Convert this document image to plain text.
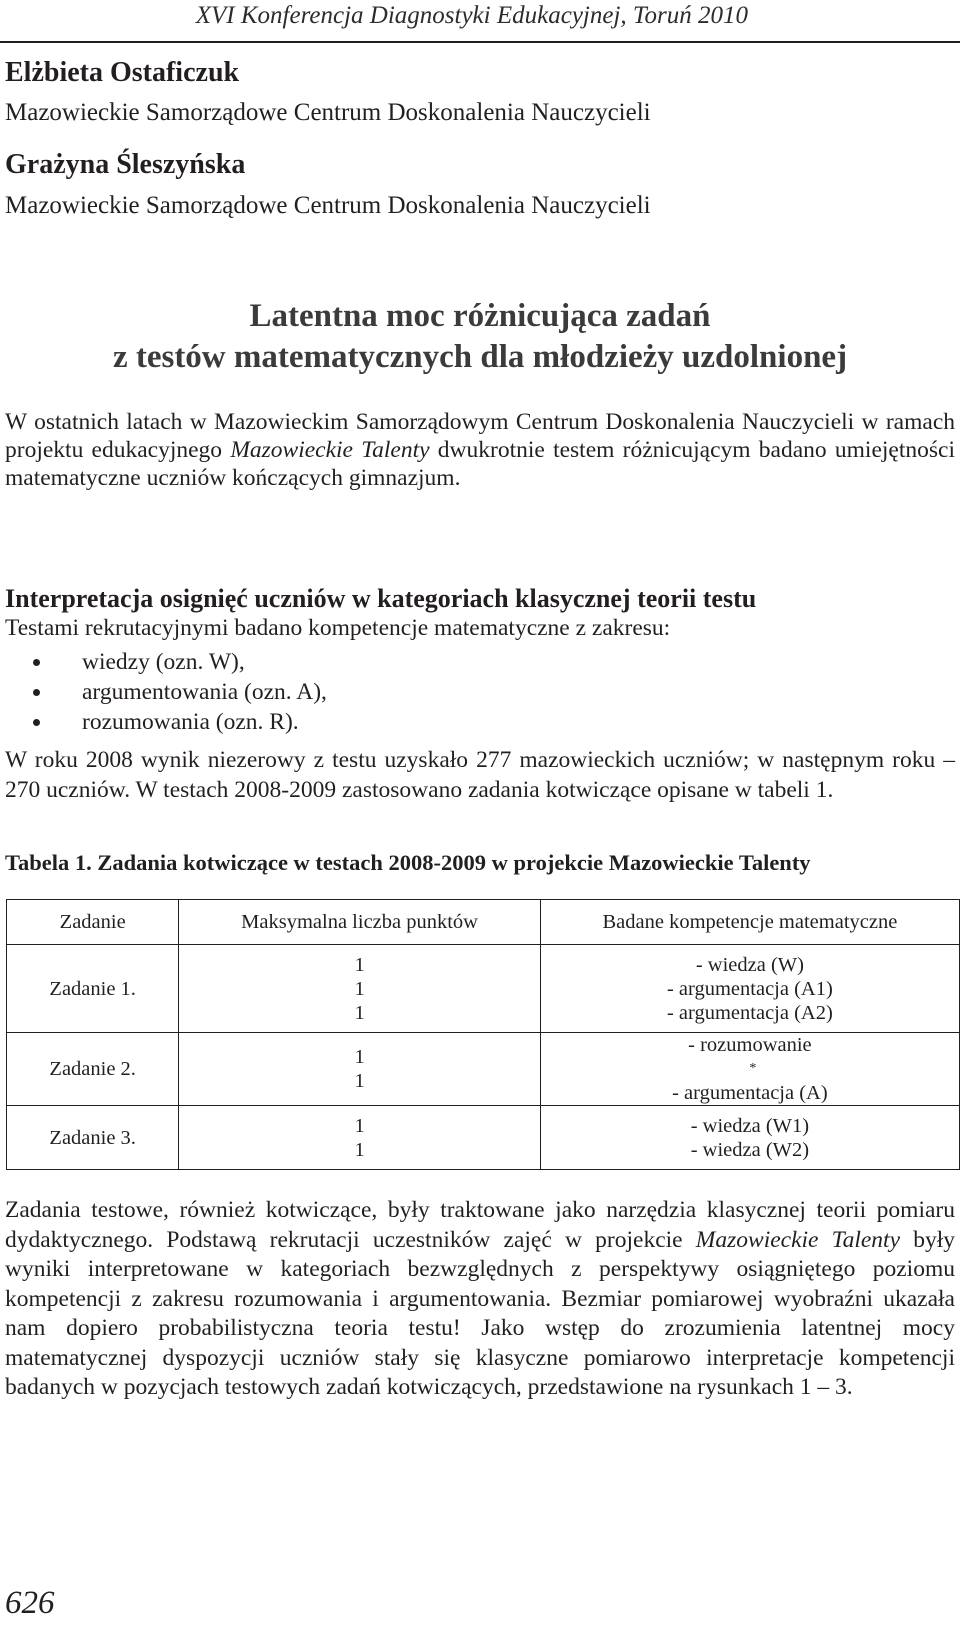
XVI Konferencja Diagnostyki Edukacyjnej, Toruń 2010
Elżbieta Ostaficzuk
Mazowieckie Samorządowe Centrum Doskonalenia Nauczycieli
Grażyna Śleszyńska
Mazowieckie Samorządowe Centrum Doskonalenia Nauczycieli
Latentna moc różnicująca zadań
z testów matematycznych dla młodzieży uzdolnionej
W ostatnich latach w Mazowieckim Samorządowym Centrum Doskonalenia Nauczycieli w ramach projektu edukacyjnego Mazowieckie Talenty dwukrotnie testem różnicującym badano umiejętności matematyczne uczniów kończących gimnazjum.
Interpretacja osignięć uczniów w kategoriach klasycznej teorii testu
Testami rekrutacyjnymi badano kompetencje matematyczne z zakresu:
wiedzy (ozn. W),
argumentowania (ozn. A),
rozumowania (ozn. R).
W roku 2008 wynik niezerowy z testu uzyskało 277 mazowieckich uczniów; w następnym roku – 270 uczniów. W testach 2008-2009 zastosowano zadania kotwiczące opisane w tabeli 1.
Tabela 1. Zadania kotwiczące w testach 2008-2009 w projekcie Mazowieckie Talenty
Zadanie	Maksymalna liczba punktów	Badane kompetencje matematyczne
Zadanie 1.	1
1
1	- wiedza (W)
- argumentacja (A1)
- argumentacja (A2)

Zadanie 2.	1
1	- rozumowanie
*
- argumentacja (A)

Zadanie 3.	1
1	- wiedza (W1)
- wiedza (W2)
Zadania testowe, również kotwiczące, były traktowane jako narzędzia klasycznej teorii pomiaru dydaktycznego. Podstawą rekrutacji uczestników zajęć w projekcie Mazowieckie Talenty były wyniki interpretowane w kategoriach bezwzględnych z perspektywy osiągniętego poziomu kompetencji z zakresu rozumowania i argumentowania. Bezmiar pomiarowej wyobraźni ukazała nam dopiero probabilistyczna teoria testu! Jako wstęp do zrozumienia latentnej mocy matematycznej dyspozycji uczniów stały się klasyczne pomiarowo interpretacje kompetencji badanych w pozycjach testowych zadań kotwiczących, przedstawione na rysunkach 1 – 3.
626
